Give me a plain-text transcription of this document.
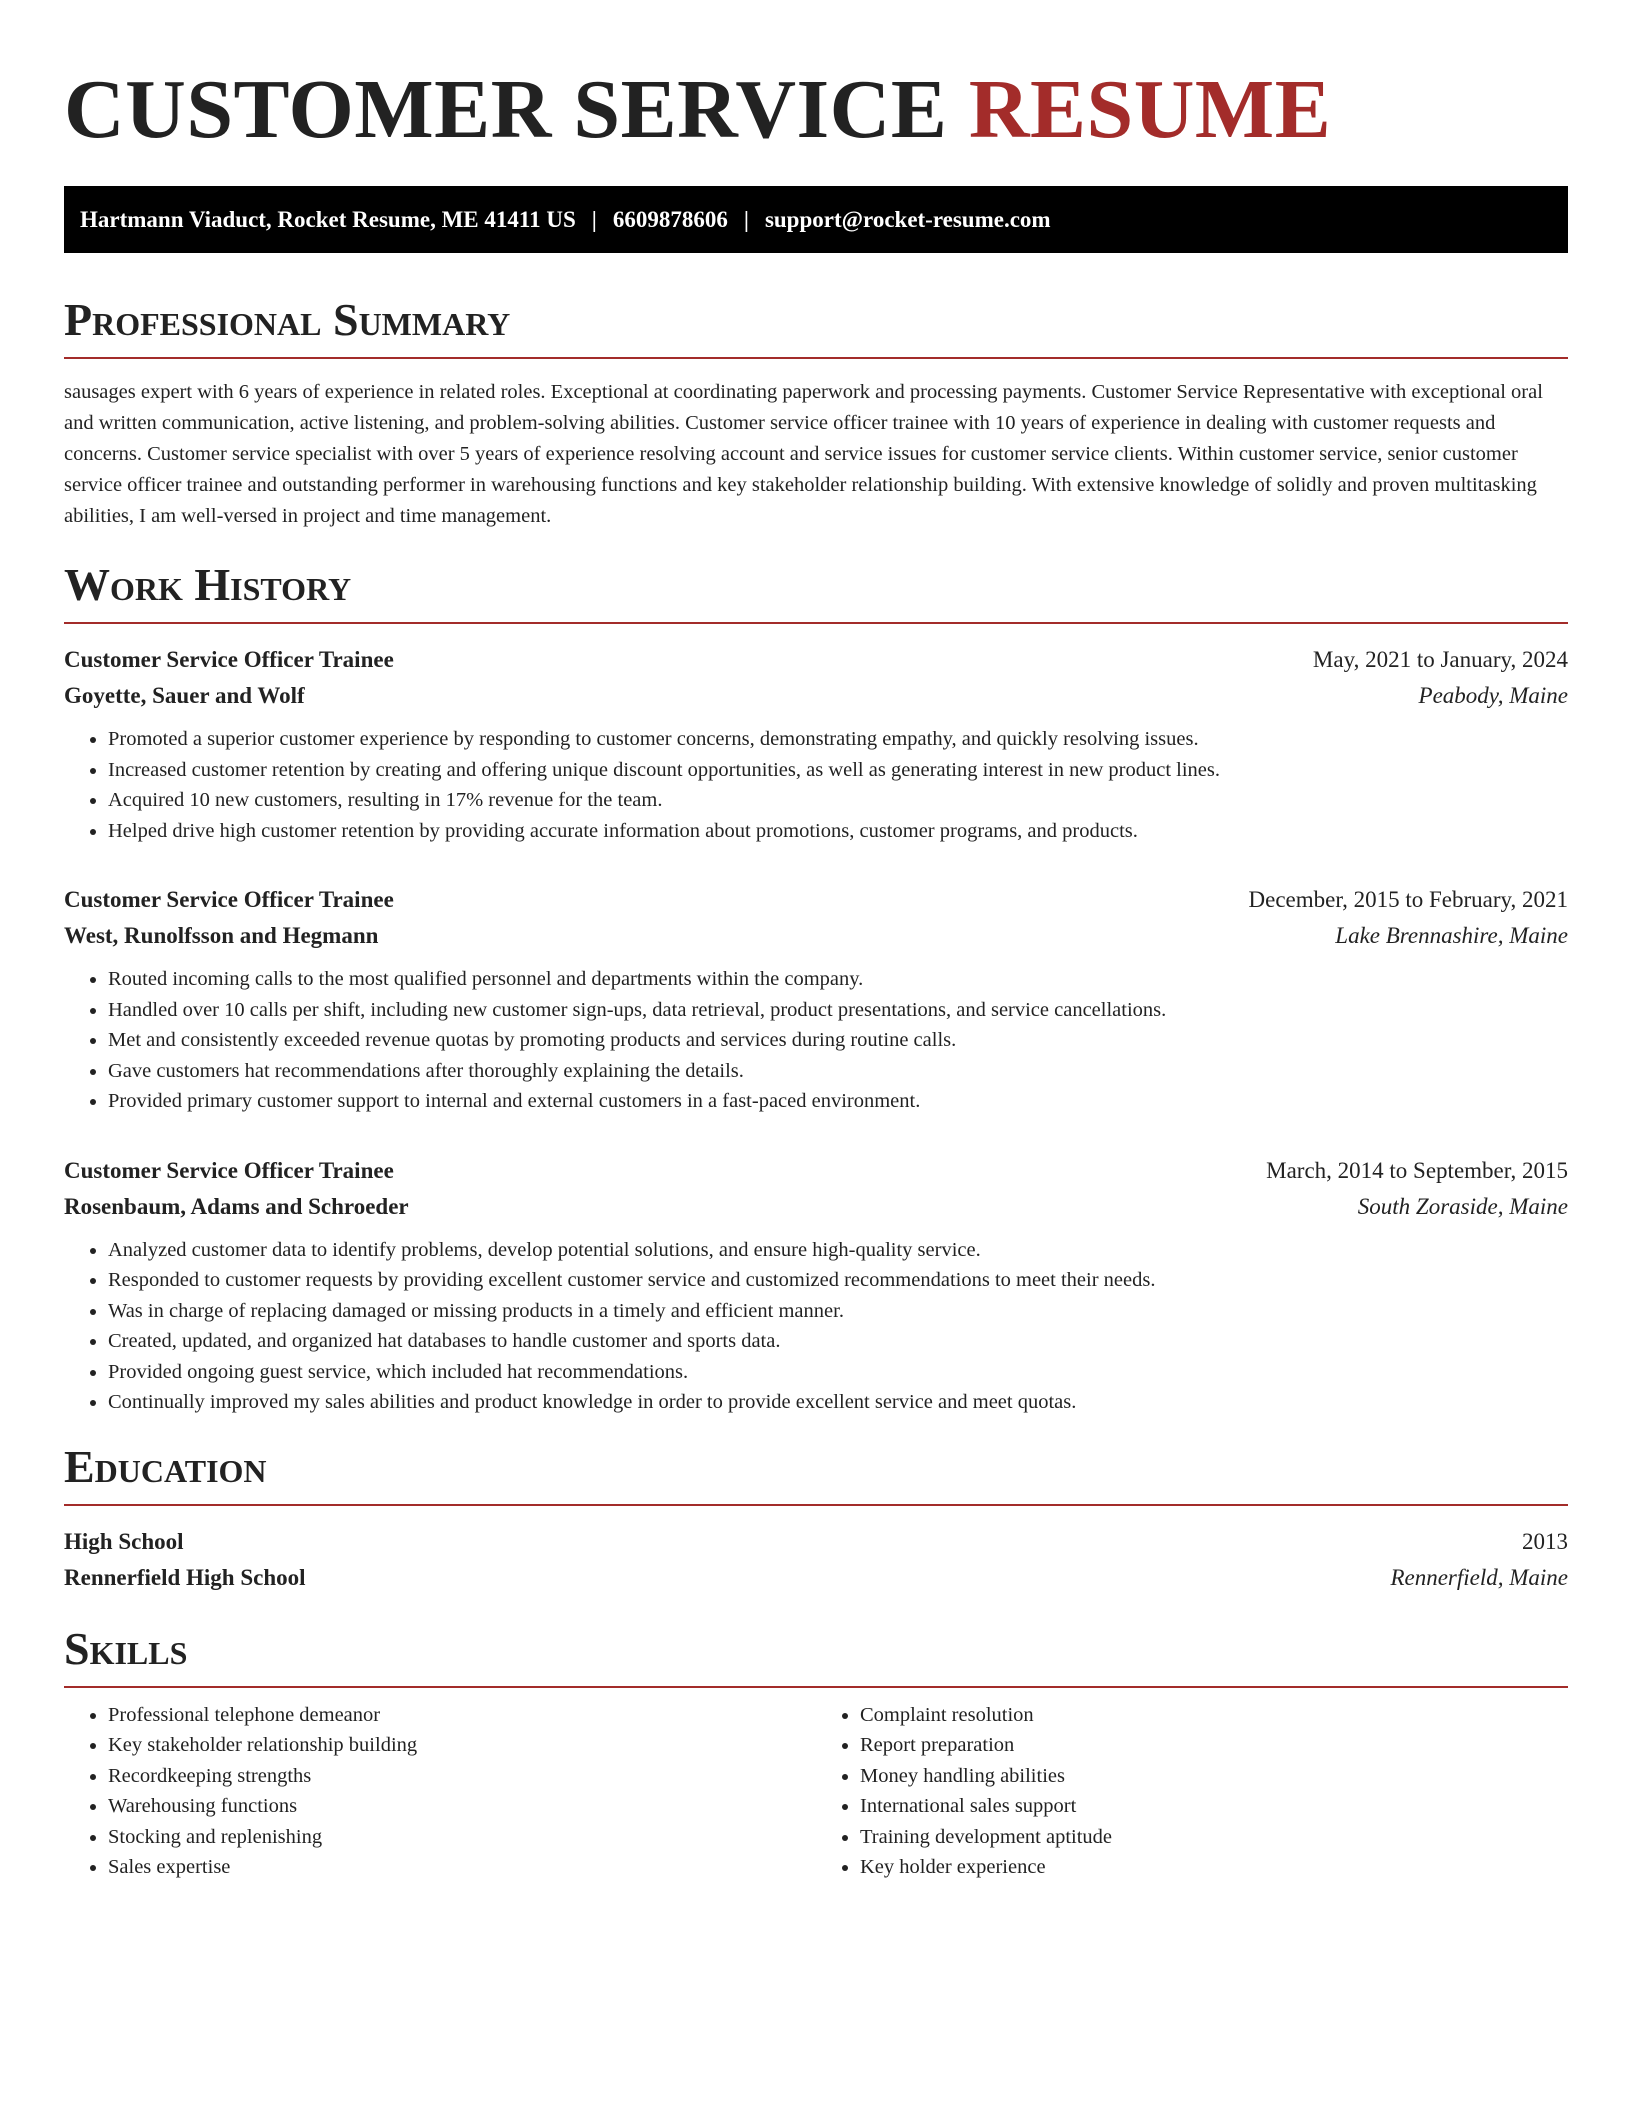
CUSTOMER SERVICE RESUME
Hartmann Viaduct, Rocket Resume, ME 41411 US | 6609878606 | support@rocket-resume.com
Professional Summary

sausages expert with 6 years of experience in related roles. Exceptional at coordinating paperwork and processing payments. Customer Service Representative with exceptional oral and written communication, active listening, and problem-solving abilities. Customer service officer trainee with 10 years of experience in dealing with customer requests and concerns. Customer service specialist with over 5 years of experience resolving account and service issues for customer service clients. Within customer service, senior customer service officer trainee and outstanding performer in warehousing functions and key stakeholder relationship building. With extensive knowledge of solidly and proven multitasking abilities, I am well-versed in project and time management.

Work History
Customer Service Officer Trainee	May, 2021 to January, 2024
Goyette, Sauer and Wolf	Peabody, Maine
• Promoted a superior customer experience by responding to customer concerns, demonstrating empathy, and quickly resolving issues.
• Increased customer retention by creating and offering unique discount opportunities, as well as generating interest in new product lines.
• Acquired 10 new customers, resulting in 17% revenue for the team.
• Helped drive high customer retention by providing accurate information about promotions, customer programs, and products.
Customer Service Officer Trainee	December, 2015 to February, 2021
West, Runolfsson and Hegmann	Lake Brennashire, Maine
• Routed incoming calls to the most qualified personnel and departments within the company.
• Handled over 10 calls per shift, including new customer sign-ups, data retrieval, product presentations, and service cancellations.
• Met and consistently exceeded revenue quotas by promoting products and services during routine calls.
• Gave customers hat recommendations after thoroughly explaining the details.
• Provided primary customer support to internal and external customers in a fast-paced environment.
Customer Service Officer Trainee	March, 2014 to September, 2015
Rosenbaum, Adams and Schroeder	South Zoraside, Maine
• Analyzed customer data to identify problems, develop potential solutions, and ensure high-quality service.
• Responded to customer requests by providing excellent customer service and customized recommendations to meet their needs.
• Was in charge of replacing damaged or missing products in a timely and efficient manner.
• Created, updated, and organized hat databases to handle customer and sports data.
• Provided ongoing guest service, which included hat recommendations.
• Continually improved my sales abilities and product knowledge in order to provide excellent service and meet quotas.
Education
High School	2013
Rennerfield High School	Rennerfield, Maine
Skills
• Professional telephone demeanor
• Key stakeholder relationship building
• Recordkeeping strengths
• Warehousing functions
• Stocking and replenishing
• Sales expertise
• Complaint resolution
• Report preparation
• Money handling abilities
• International sales support
• Training development aptitude
• Key holder experience
